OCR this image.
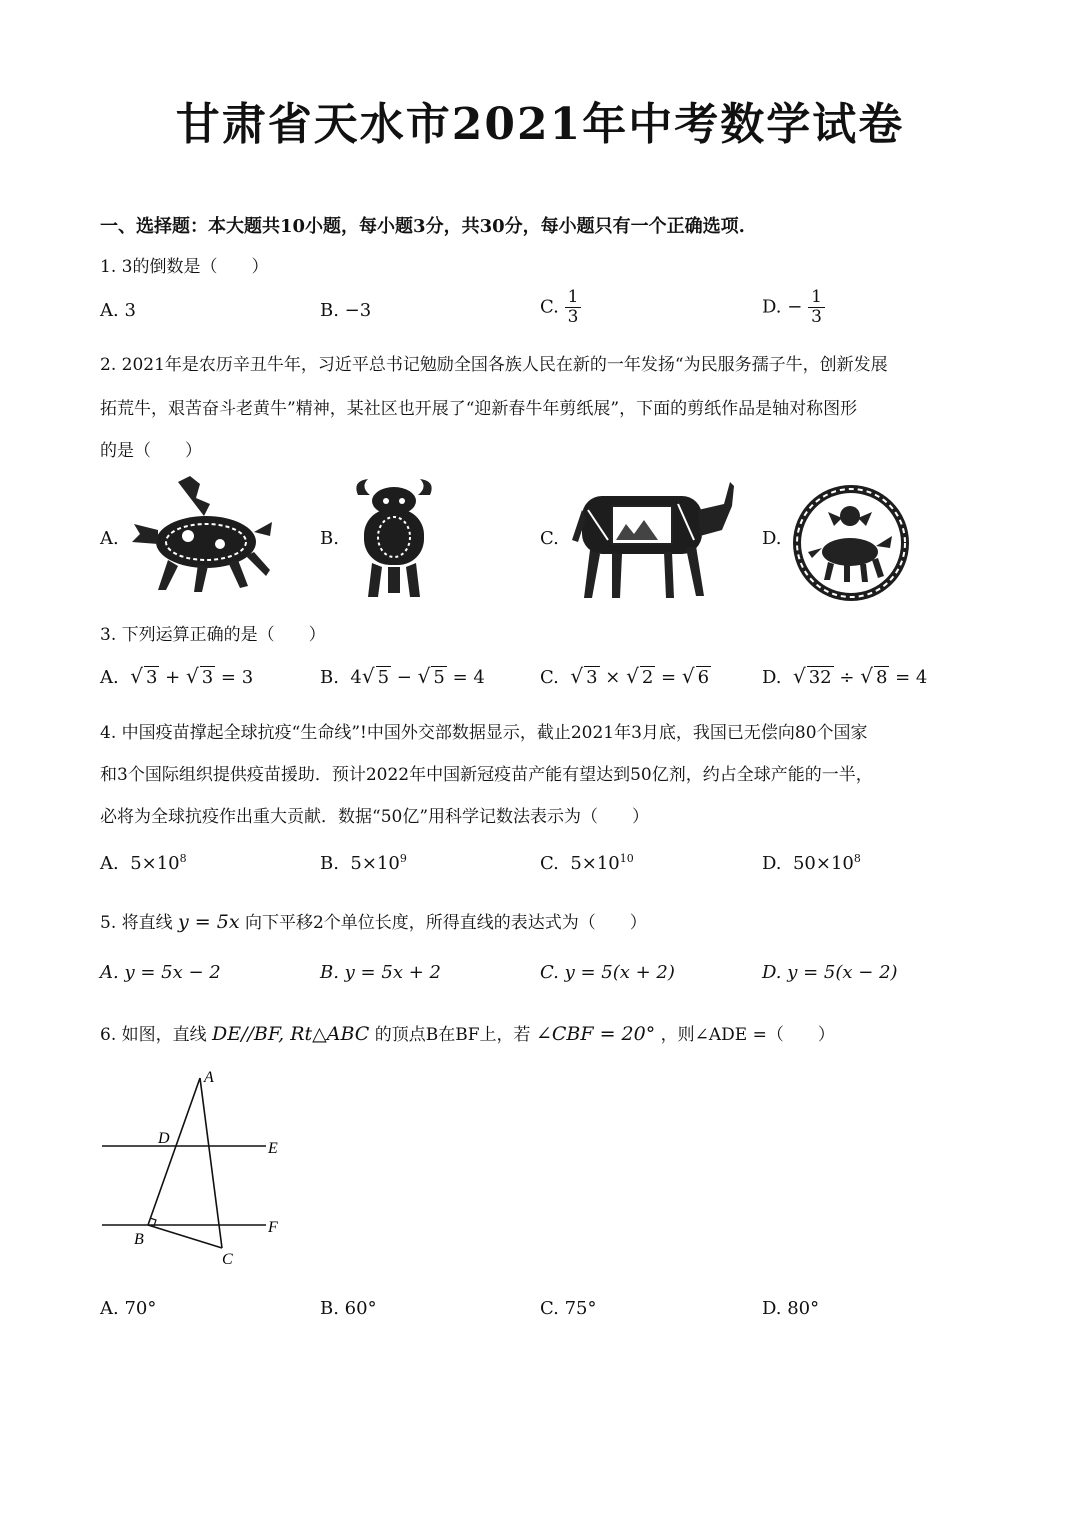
甘肃省天水市2021年中考数学试卷
一、选择题：本大题共10小题，每小题3分，共30分，每小题只有一个正确选项.
1. 3的倒数是（　　）
A. 3	B. −3	C. $\frac{1}{3}$	D. − $\frac{1}{3}$
2. 2021年是农历辛丑牛年，习近平总书记勉励全国各族人民在新的一年发扬“为民服务孺子牛，创新发展
拓荒牛，艰苦奋斗老黄牛”精神，某社区也开展了“迎新春牛年剪纸展”，下面的剪纸作品是轴对称图形
的是（　　）
A.	B.	C.	D.
3. 下列运算正确的是（　　）
A. √ 3 + √ 3 = 3	B. 4√ 5 − √ 5 = 4	C. √ 3 × √ 2 = √ 6	D. √ 32 ÷ √ 8 = 4
4. 中国疫苗撑起全球抗疫“生命线”!中国外交部数据显示，截止2021年3月底，我国已无偿向80个国家
和3个国际组织提供疫苗援助．预计2022年中国新冠疫苗产能有望达到50亿剂，约占全球产能的一半，
必将为全球抗疫作出重大贡献．数据“50亿”用科学记数法表示为（　　）
A. $5\times 10^8$	B. $5\times 10^9$	C. $5\times 10^{10}$	D. $50\times 10^8$
5. 将直线 y = 5x 向下平移2个单位长度，所得直线的表达式为（　　）
A. y = 5x − 2	B. y = 5x + 2	C. y = 5(x + 2)	D. y = 5(x − 2)
6. 如图，直线 DE//BF, Rt△ABC 的顶点B在BF上，若 ∠CBF = 20° ，则∠ADE =（　　）
A
D
E
F
B
C
A. 70°	B. 60°	C. 75°	D. 80°
